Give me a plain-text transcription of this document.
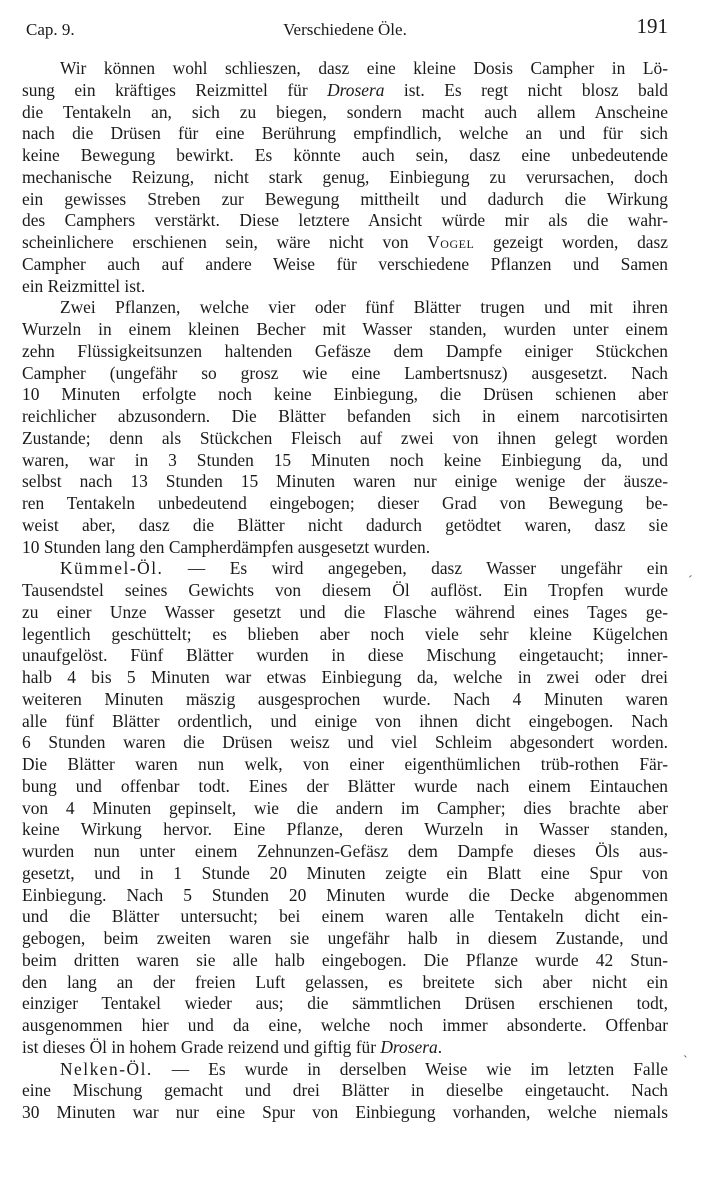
Cap. 9.	Verschiedene Öle.	191
Wir können wohl schlieszen, dasz eine kleine Dosis Campher in Lö-
sung ein kräftiges Reizmittel für Drosera ist. Es regt nicht blosz bald
die Tentakeln an, sich zu biegen, sondern macht auch allem Anscheine
nach die Drüsen für eine Berührung empfindlich, welche an und für sich
keine Bewegung bewirkt. Es könnte auch sein, dasz eine unbedeutende
mechanische Reizung, nicht stark genug, Einbiegung zu verursachen, doch
ein gewisses Streben zur Bewegung mittheilt und dadurch die Wirkung
des Camphers verstärkt. Diese letztere Ansicht würde mir als die wahr-
scheinlichere erschienen sein, wäre nicht von Vogel gezeigt worden, dasz
Campher auch auf andere Weise für verschiedene Pflanzen und Samen
ein Reizmittel ist.
Zwei Pflanzen, welche vier oder fünf Blätter trugen und mit ihren
Wurzeln in einem kleinen Becher mit Wasser standen, wurden unter einem
zehn Flüssigkeitsunzen haltenden Gefäsze dem Dampfe einiger Stückchen
Campher (ungefähr so grosz wie eine Lambertsnusz) ausgesetzt. Nach
10 Minuten erfolgte noch keine Einbiegung, die Drüsen schienen aber
reichlicher abzusondern. Die Blätter befanden sich in einem narcotisirten
Zustande; denn als Stückchen Fleisch auf zwei von ihnen gelegt worden
waren, war in 3 Stunden 15 Minuten noch keine Einbiegung da, und
selbst nach 13 Stunden 15 Minuten waren nur einige wenige der äusze-
ren Tentakeln unbedeutend eingebogen; dieser Grad von Bewegung be-
weist aber, dasz die Blätter nicht dadurch getödtet waren, dasz sie
10 Stunden lang den Campherdämpfen ausgesetzt wurden.
Kümmel-Öl. — Es wird angegeben, dasz Wasser ungefähr ein
Tausendstel seines Gewichts von diesem Öl auflöst. Ein Tropfen wurde
zu einer Unze Wasser gesetzt und die Flasche während eines Tages ge-
legentlich geschüttelt; es blieben aber noch viele sehr kleine Kügelchen
unaufgelöst. Fünf Blätter wurden in diese Mischung eingetaucht; inner-
halb 4 bis 5 Minuten war etwas Einbiegung da, welche in zwei oder drei
weiteren Minuten mäszig ausgesprochen wurde. Nach 4 Minuten waren
alle fünf Blätter ordentlich, und einige von ihnen dicht eingebogen. Nach
6 Stunden waren die Drüsen weisz und viel Schleim abgesondert worden.
Die Blätter waren nun welk, von einer eigenthümlichen trüb-rothen Fär-
bung und offenbar todt. Eines der Blätter wurde nach einem Eintauchen
von 4 Minuten gepinselt, wie die andern im Campher; dies brachte aber
keine Wirkung hervor. Eine Pflanze, deren Wurzeln in Wasser standen,
wurden nun unter einem Zehnunzen-Gefäsz dem Dampfe dieses Öls aus-
gesetzt, und in 1 Stunde 20 Minuten zeigte ein Blatt eine Spur von
Einbiegung. Nach 5 Stunden 20 Minuten wurde die Decke abgenommen
und die Blätter untersucht; bei einem waren alle Tentakeln dicht ein-
gebogen, beim zweiten waren sie ungefähr halb in diesem Zustande, und
beim dritten waren sie alle halb eingebogen. Die Pflanze wurde 42 Stun-
den lang an der freien Luft gelassen, es breitete sich aber nicht ein
einziger Tentakel wieder aus; die sämmtlichen Drüsen erschienen todt,
ausgenommen hier und da eine, welche noch immer absonderte. Offenbar
ist dieses Öl in hohem Grade reizend und giftig für Drosera.
Nelken-Öl. — Es wurde in derselben Weise wie im letzten Falle
eine Mischung gemacht und drei Blätter in dieselbe eingetaucht. Nach
30 Minuten war nur eine Spur von Einbiegung vorhanden, welche niemals
ˊ
ˋ
